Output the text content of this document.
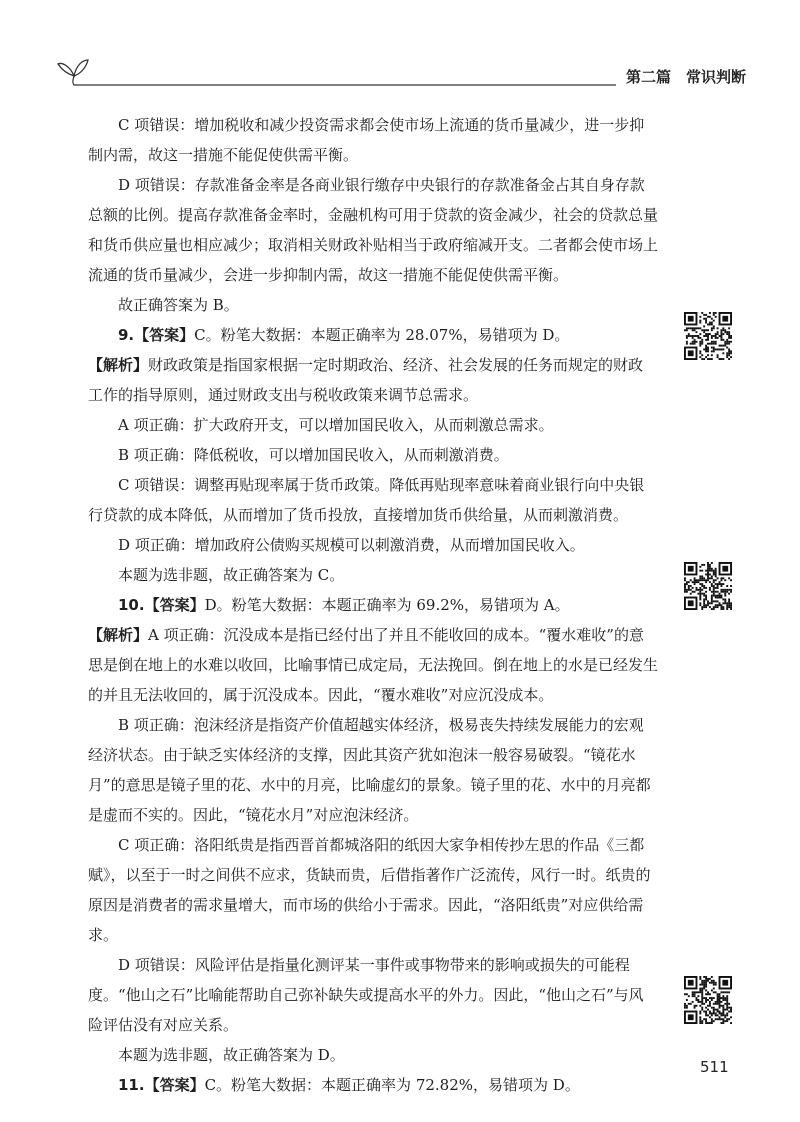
第二篇　常识判断

C 项错误：增加税收和减少投资需求都会使市场上流通的货币量减少，进一步抑制内需，故这一措施不能促使供需平衡。

D 项错误：存款准备金率是各商业银行缴存中央银行的存款准备金占其自身存款总额的比例。提高存款准备金率时，金融机构可用于贷款的资金减少，社会的贷款总量和货币供应量也相应减少；取消相关财政补贴相当于政府缩减开支。二者都会使市场上流通的货币量减少，会进一步抑制内需，故这一措施不能促使供需平衡。

故正确答案为 B。

9.【答案】C。粉笔大数据：本题正确率为 28.07%，易错项为 D。

【解析】财政政策是指国家根据一定时期政治、经济、社会发展的任务而规定的财政工作的指导原则，通过财政支出与税收政策来调节总需求。

A 项正确：扩大政府开支，可以增加国民收入，从而刺激总需求。

B 项正确：降低税收，可以增加国民收入，从而刺激消费。

C 项错误：调整再贴现率属于货币政策。降低再贴现率意味着商业银行向中央银行贷款的成本降低，从而增加了货币投放，直接增加货币供给量，从而刺激消费。

D 项正确：增加政府公债购买规模可以刺激消费，从而增加国民收入。

本题为选非题，故正确答案为 C。

10.【答案】D。粉笔大数据：本题正确率为 69.2%，易错项为 A。

【解析】A 项正确：沉没成本是指已经付出了并且不能收回的成本。“覆水难收”的意思是倒在地上的水难以收回，比喻事情已成定局，无法挽回。倒在地上的水是已经发生的并且无法收回的，属于沉没成本。因此，“覆水难收”对应沉没成本。

B 项正确：泡沫经济是指资产价值超越实体经济，极易丧失持续发展能力的宏观经济状态。由于缺乏实体经济的支撑，因此其资产犹如泡沫一般容易破裂。“镜花水月”的意思是镜子里的花、水中的月亮，比喻虚幻的景象。镜子里的花、水中的月亮都是虚而不实的。因此，“镜花水月”对应泡沫经济。

C 项正确：洛阳纸贵是指西晋首都城洛阳的纸因大家争相传抄左思的作品《三都赋》，以至于一时之间供不应求，货缺而贵，后借指著作广泛流传，风行一时。纸贵的原因是消费者的需求量增大，而市场的供给小于需求。因此，“洛阳纸贵”对应供给需求。

D 项错误：风险评估是指量化测评某一事件或事物带来的影响或损失的可能程度。“他山之石”比喻能帮助自己弥补缺失或提高水平的外力。因此，“他山之石”与风险评估没有对应关系。

本题为选非题，故正确答案为 D。

11.【答案】C。粉笔大数据：本题正确率为 72.82%，易错项为 D。

511
